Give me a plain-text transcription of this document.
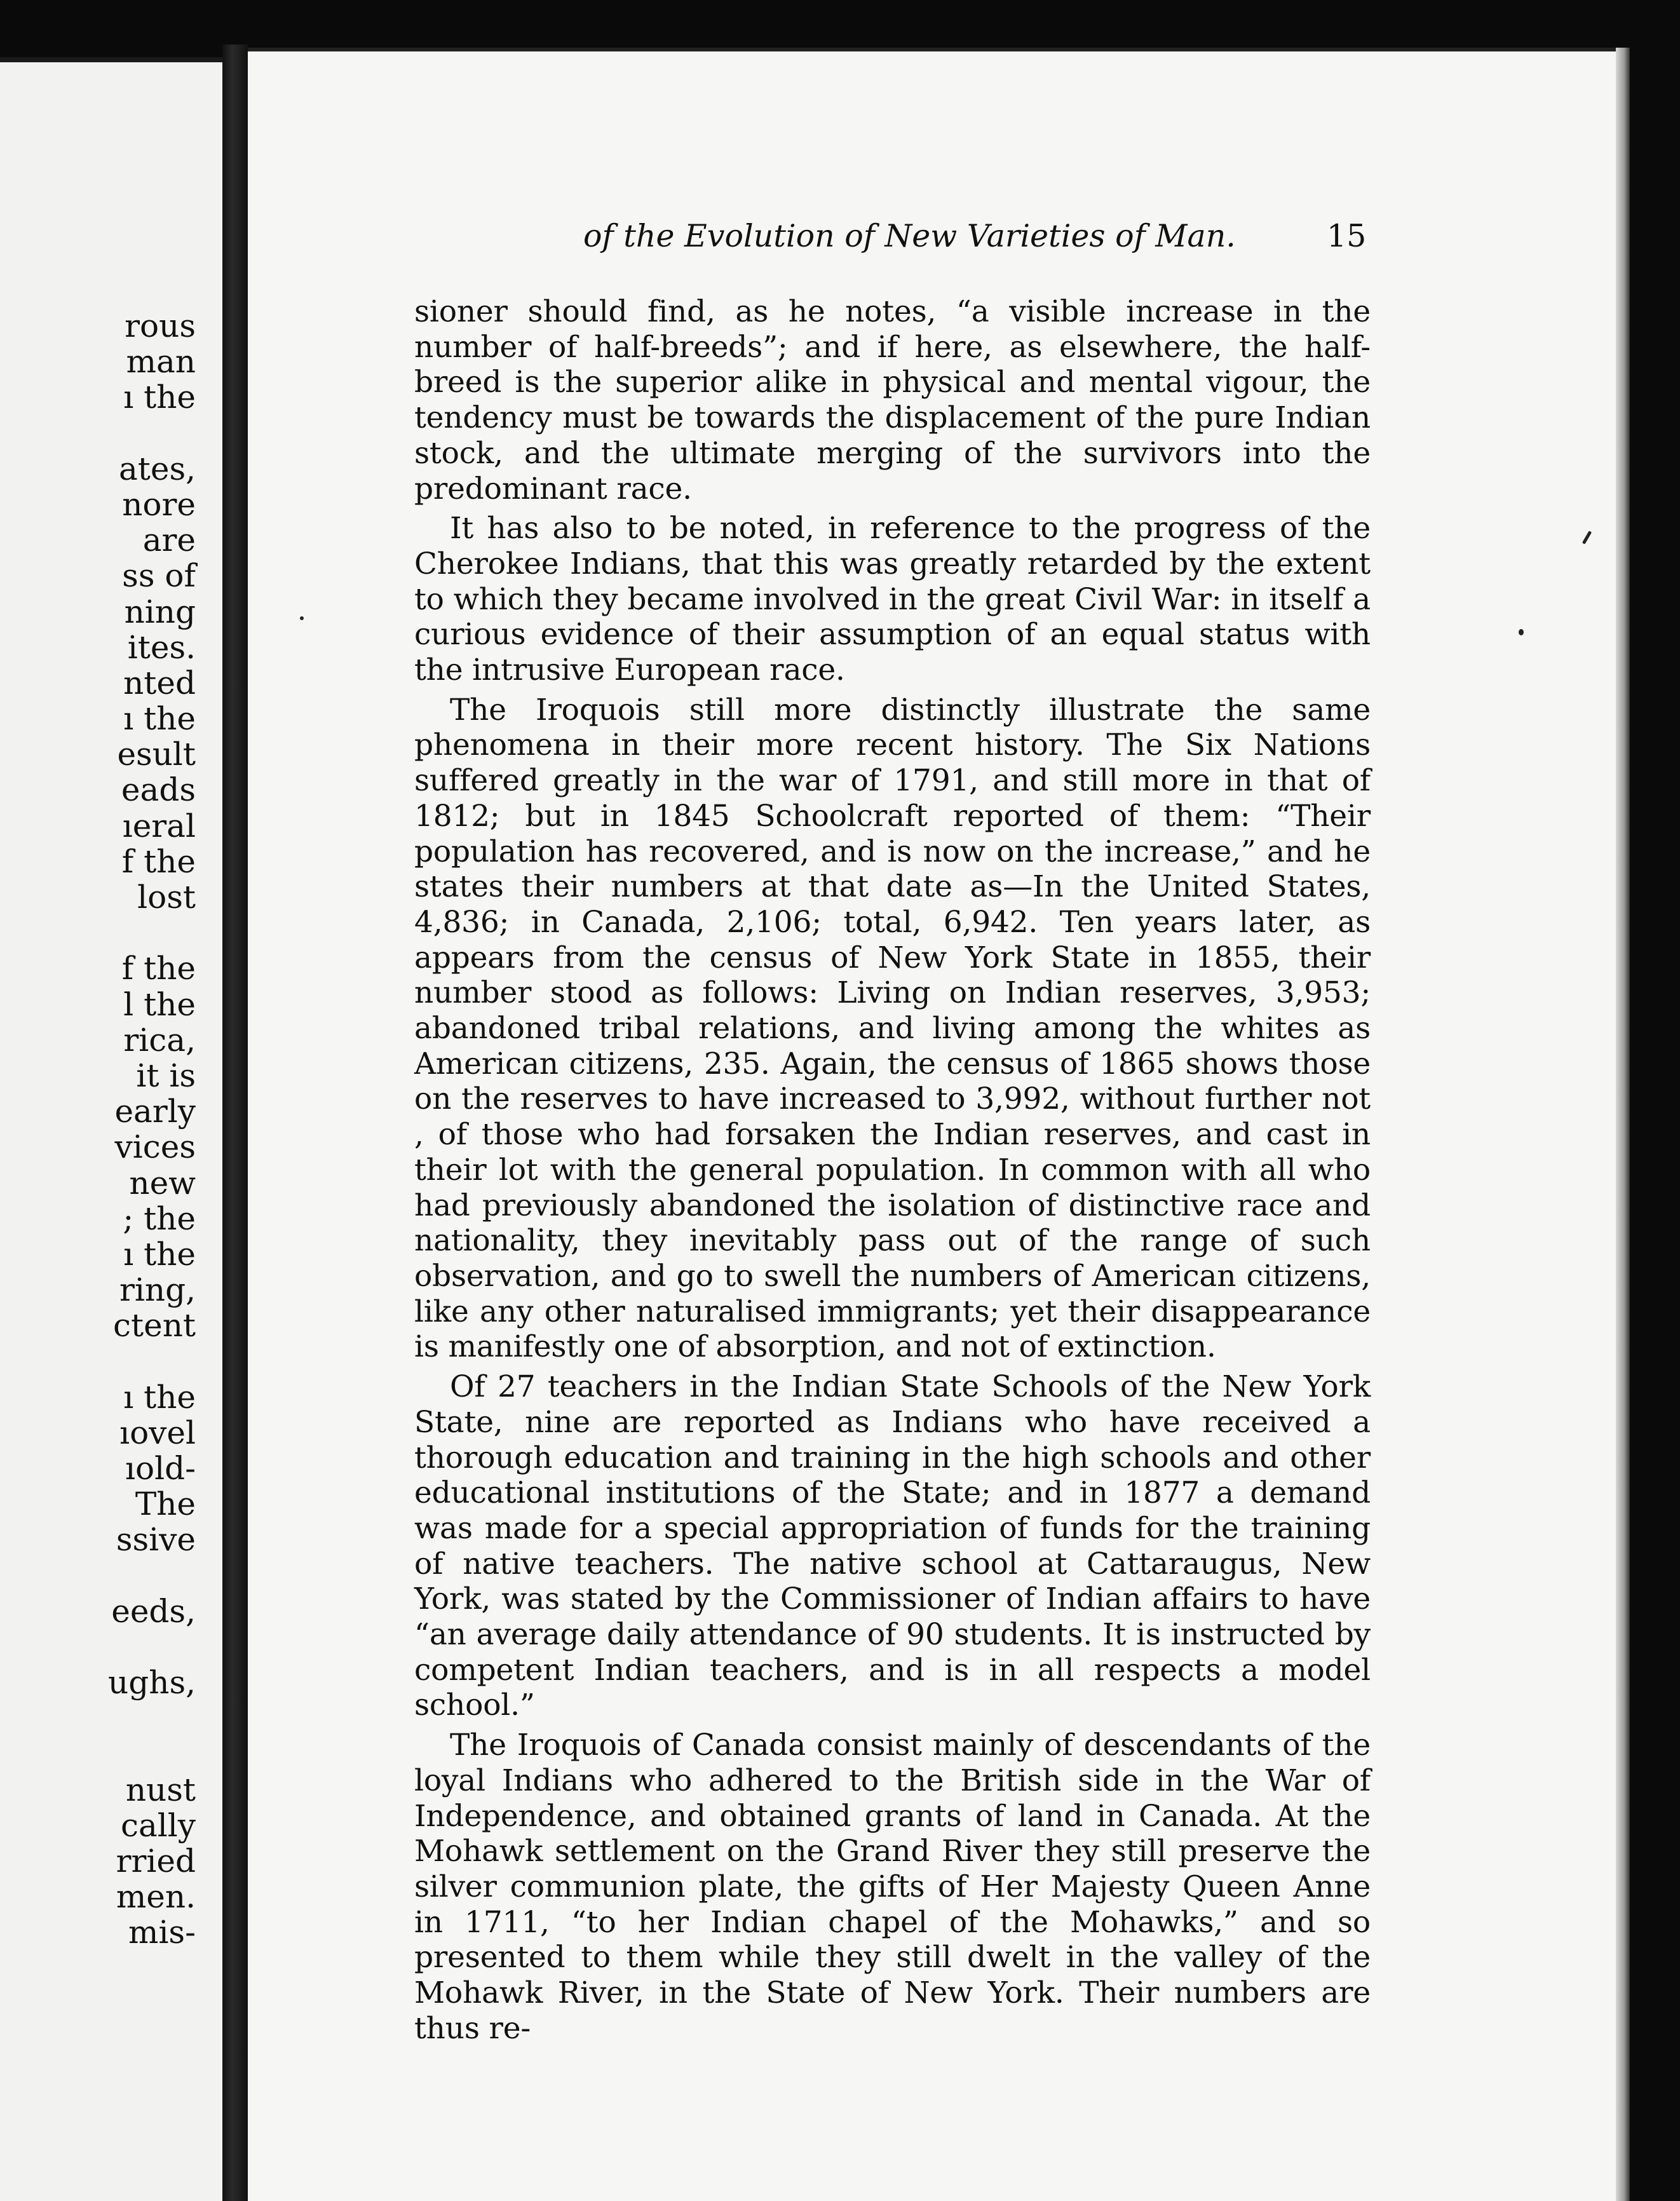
rous
man
ı the
ates,
nore
are
ss of
ning
ites.
nted
ı the
esult
eads
ıeral
f the
lost
f the
l the
rica,
it is
early
vices
new
; the
ı the
ring,
ctent
ı the
ıovel
ıold-
The
ssive
eeds,
ughs,
nust
cally
rried
men.
mis-
of the Evolution of New Varieties of Man.	15

sioner should find, as he notes, “a visible increase in the number of half-breeds”; and if here, as elsewhere, the half-breed is the superior alike in physical and mental vigour, the tendency must be towards the displacement of the pure Indian stock, and the ultimate merging of the survivors into the predominant race.

It has also to be noted, in reference to the progress of the Cherokee Indians, that this was greatly retarded by the extent to which they became involved in the great Civil War: in itself a curious evidence of their assumption of an equal status with the intrusive European race.

The Iroquois still more distinctly illustrate the same phenomena in their more recent history. The Six Nations suffered greatly in the war of 1791, and still more in that of 1812; but in 1845 Schoolcraft reported of them: “Their population has recovered, and is now on the increase,” and he states their numbers at that date as—In the United States, 4,836; in Canada, 2,106; total, 6,942. Ten years later, as appears from the census of New York State in 1855, their number stood as follows: Living on Indian reserves, 3,953; abandoned tribal relations, and living among the whites as American citizens, 235. Again, the census of 1865 shows those on the reserves to have increased to 3,992, without further not , of those who had forsaken the Indian reserves, and cast in their lot with the general population. In common with all who had previously abandoned the isolation of distinctive race and nationality, they inevitably pass out of the range of such observation, and go to swell the numbers of American citizens, like any other naturalised immigrants; yet their disappearance is manifestly one of absorption, and not of extinction.

Of 27 teachers in the Indian State Schools of the New York State, nine are reported as Indians who have received a thorough education and training in the high schools and other educational institutions of the State; and in 1877 a demand was made for a special appropriation of funds for the training of native teachers. The native school at Cattaraugus, New York, was stated by the Commissioner of Indian affairs to have “an average daily attendance of 90 students. It is instructed by competent Indian teachers, and is in all respects a model school.”

The Iroquois of Canada consist mainly of descendants of the loyal Indians who adhered to the British side in the War of Independence, and obtained grants of land in Canada. At the Mohawk settlement on the Grand River they still preserve the silver communion plate, the gifts of Her Majesty Queen Anne in 1711, “to her Indian chapel of the Mohawks,” and so presented to them while they still dwelt in the valley of the Mohawk River, in the State of New York. Their numbers are thus re-
